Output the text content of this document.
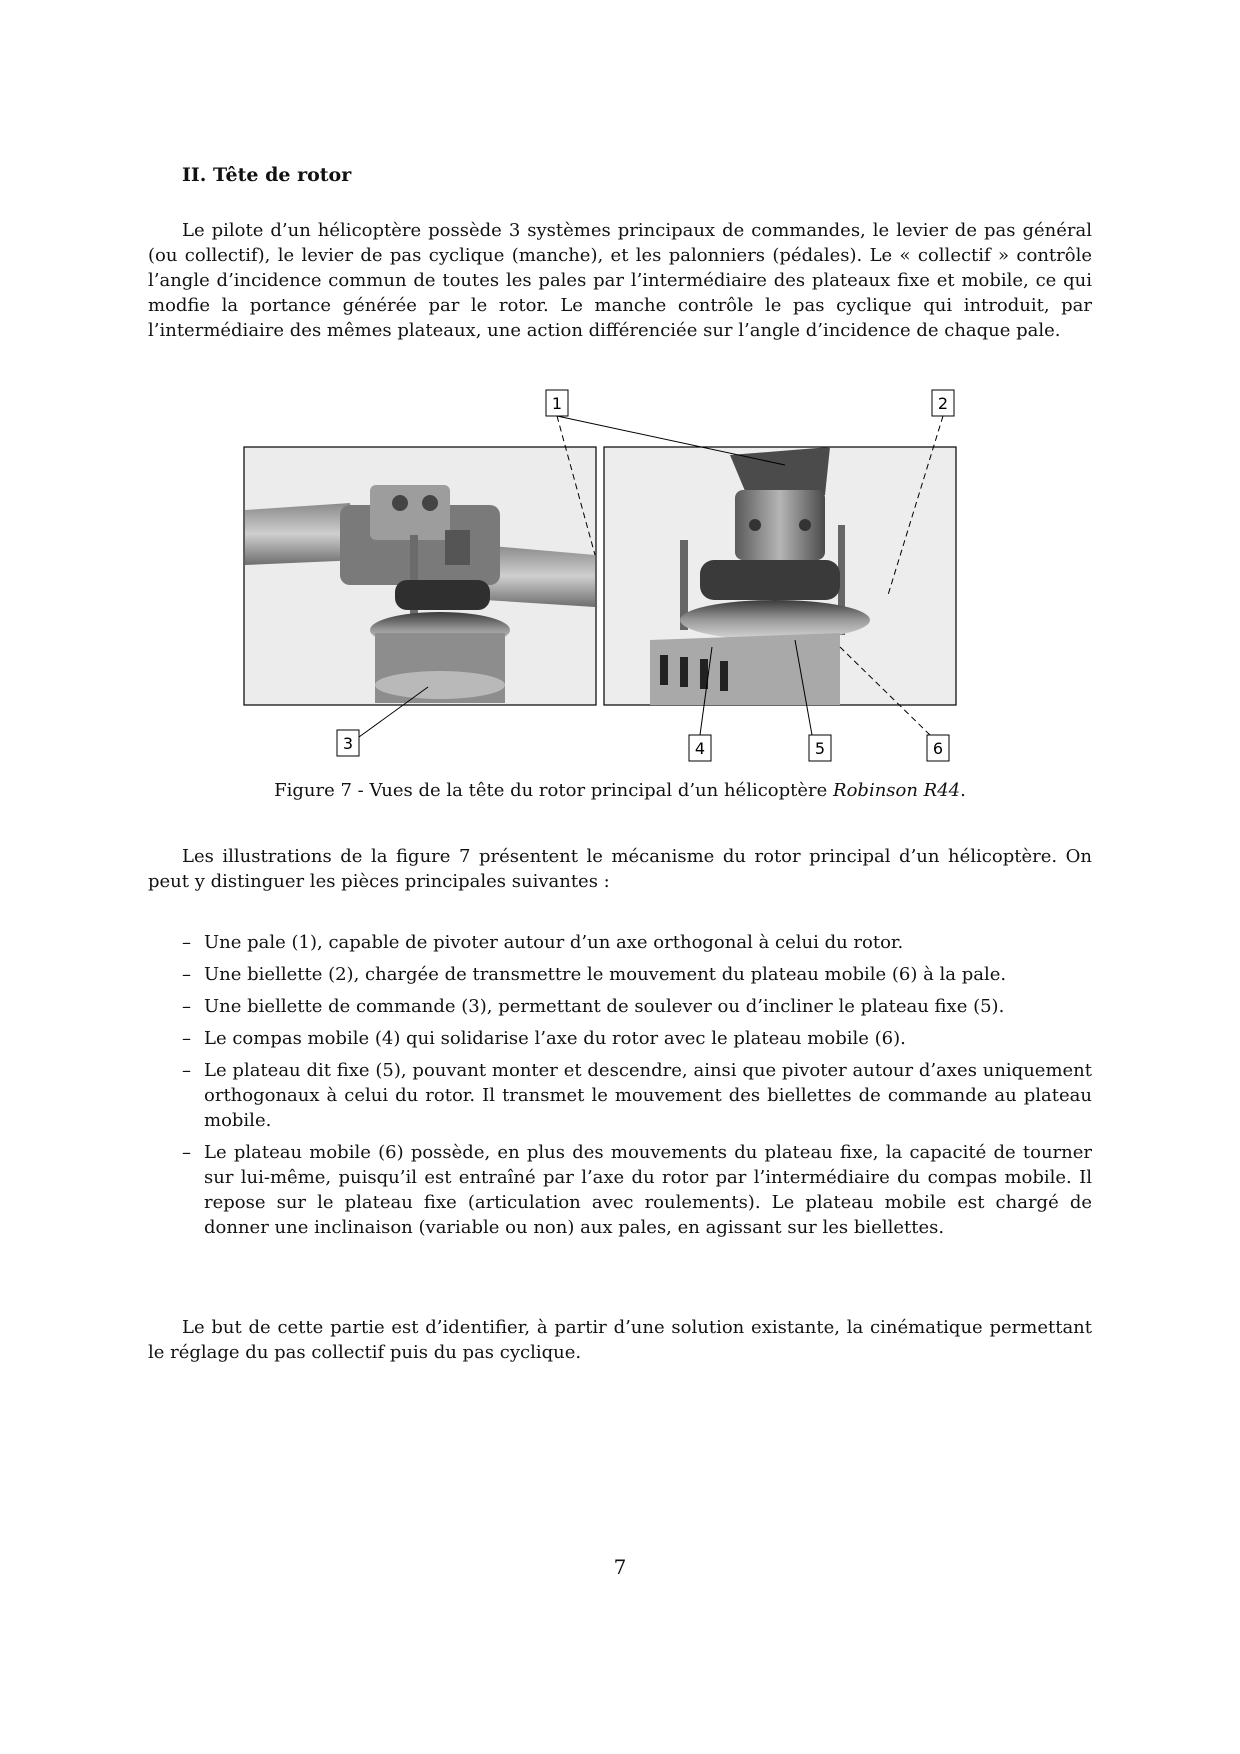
II. Tête de rotor

Le pilote d’un hélicoptère possède 3 systèmes principaux de commandes, le levier de pas général (ou collectif), le levier de pas cyclique (manche), et les palonniers (pédales). Le « collectif » contrôle l’angle d’incidence commun de toutes les pales par l’intermédiaire des plateaux fixe et mobile, ce qui modfie la portance générée par le rotor. Le manche contrôle le pas cyclique qui introduit, par l’intermédiaire des mêmes plateaux, une action différenciée sur l’angle d’incidence de chaque pale.

1	2
3	4	5	6

Figure 7 - Vues de la tête du rotor principal d’un hélicoptère Robinson R44.

Les illustrations de la figure 7 présentent le mécanisme du rotor principal d’un hélicoptère. On peut y distinguer les pièces principales suivantes :

– Une pale (1), capable de pivoter autour d’un axe orthogonal à celui du rotor.
– Une biellette (2), chargée de transmettre le mouvement du plateau mobile (6) à la pale.
– Une biellette de commande (3), permettant de soulever ou d’incliner le plateau fixe (5).
– Le compas mobile (4) qui solidarise l’axe du rotor avec le plateau mobile (6).
– Le plateau dit fixe (5), pouvant monter et descendre, ainsi que pivoter autour d’axes uniquement orthogonaux à celui du rotor. Il transmet le mouvement des biellettes de commande au plateau mobile.
– Le plateau mobile (6) possède, en plus des mouvements du plateau fixe, la capacité de tourner sur lui-même, puisqu’il est entraîné par l’axe du rotor par l’intermédiaire du compas mobile. Il repose sur le plateau fixe (articulation avec roulements). Le plateau mobile est chargé de donner une inclinaison (variable ou non) aux pales, en agissant sur les biellettes.

Le but de cette partie est d’identifier, à partir d’une solution existante, la cinématique permettant le réglage du pas collectif puis du pas cyclique.

7
